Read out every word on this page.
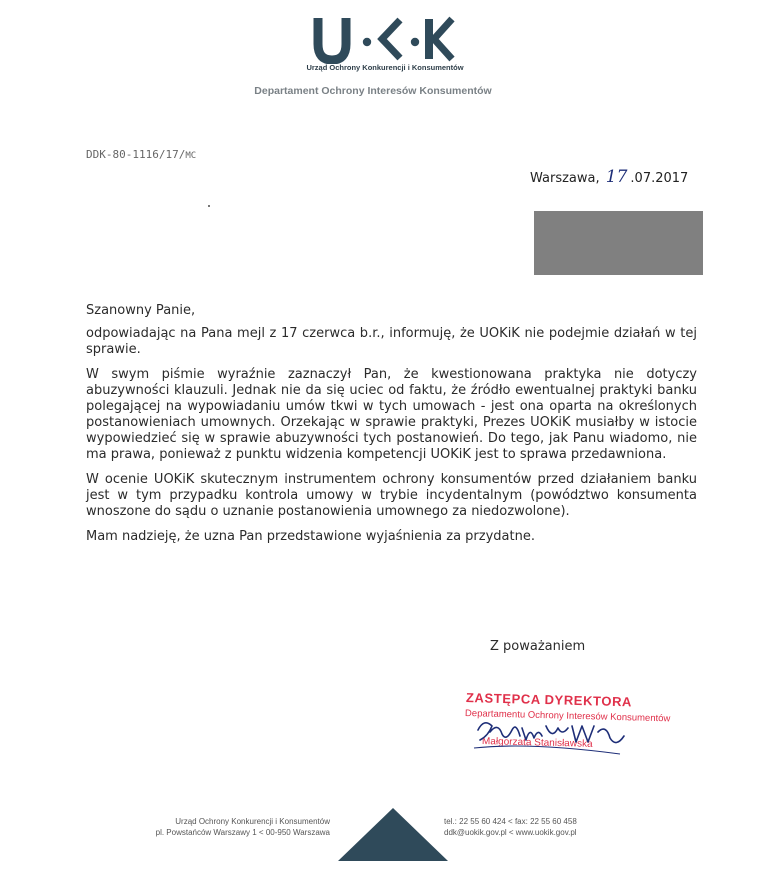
Urząd Ochrony Konkurencji i Konsumentów
Departament Ochrony Interesów Konsumentów
DDK-80-1116/17/MC
Warszawa, 17 .07.2017

Szanowny Panie,

odpowiadając na Pana mejl z 17 czerwca b.r., informuję, że UOKiK nie podejmie działań w tej sprawie.

W swym piśmie wyraźnie zaznaczył Pan, że kwestionowana praktyka nie dotyczy abuzywności klauzuli. Jednak nie da się uciec od faktu, że źródło ewentualnej praktyki banku polegającej na wypowiadaniu umów tkwi w tych umowach - jest ona oparta na określonych postanowieniach umownych. Orzekając w sprawie praktyki, Prezes UOKiK musiałby w istocie wypowiedzieć się w sprawie abuzywności tych postanowień. Do tego, jak Panu wiadomo, nie ma prawa, ponieważ z punktu widzenia kompetencji UOKiK jest to sprawa przedawniona.

W ocenie UOKiK skutecznym instrumentem ochrony konsumentów przed działaniem banku jest w tym przypadku kontrola umowy w trybie incydentalnym (powództwo konsumenta wnoszone do sądu o uznanie postanowienia umownego za niedozwolone).

Mam nadzieję, że uzna Pan przedstawione wyjaśnienia za przydatne.

Z poważaniem
ZASTĘPCA DYREKTORA
Departamentu Ochrony Interesów Konsumentów
Małgorzata Stanisławska
Urząd Ochrony Konkurencji i Konsumentów
pl. Powstańców Warszawy 1 < 00-950 Warszawa
tel.: 22 55 60 424 < fax: 22 55 60 458
ddk@uokik.gov.pl < www.uokik.gov.pl
